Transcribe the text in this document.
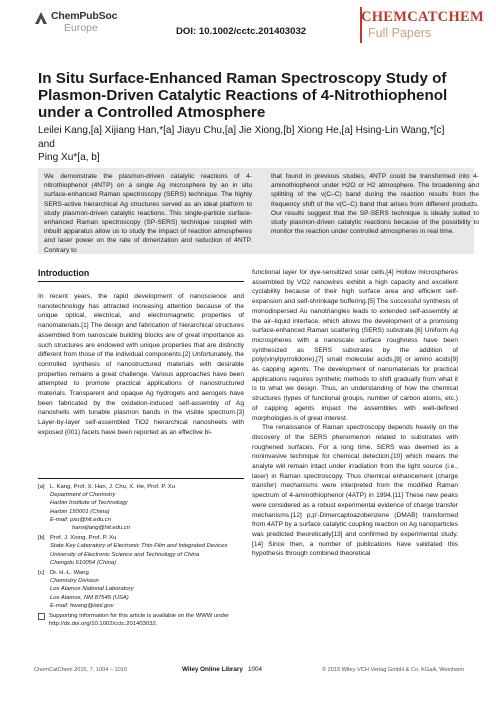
ChemPubSoc
Europe	DOI: 10.1002/cctc.201403032
CHEMCATCHEM
Full Papers
In Situ Surface-Enhanced Raman Spectroscopy Study of Plasmon-Driven Catalytic Reactions of 4-Nitrothiophenol under a Controlled Atmosphere
Leilei Kang,[a] Xijiang Han,*[a] Jiayu Chu,[a] Jie Xiong,[b] Xiong He,[a] Hsing-Lin Wang,*[c] and
Ping Xu*[a, b]
We demonstrate the plasmon-driven catalytic reactions of 4-nitrothiophenol (4NTP) on a single Ag microsphere by an in situ surface-enhanced Raman spectroscopy (SERS) technique. The highly SERS-active hierarchical Ag structures served as an ideal platform to study plasmon-driven catalytic reactions. This single-particle surface-enhanced Raman spectroscopy (SP-SERS) technique coupled with inbuilt apparatus allow us to study the impact of reaction atmospheres and laser power on the rate of dimerization and reduction of 4NTP. Contrary to
that found in previous studies, 4NTP could be transformed into 4-aminothiophenol under H2O or H2 atmosphere. The broadening and splitting of the ν(C–C) band during the reaction results from the frequency shift of the ν(C–C) band that arises from different products. Our results suggest that the SP-SERS technique is ideally suited to study plasmon-driven catalytic reactions because of the possibility to monitor the reaction under controlled atmospheres in real time.
Introduction

In recent years, the rapid development of nanoscience and nanotechnology has attracted increasing attention because of the unique optical, electrical, and electromagnetic properties of nanomaterials.[1] The design and fabrication of hierarchical structures assembled from nanoscale building blocks are of great importance as such structures are endowed with unique properties that are distinctly different from those of the individual components.[2] Unfortunately, the controlled synthesis of nanostructured materials with desirable properties remains a great challenge. Various approaches have been attempted to promote practical applications of nanostructured materials. Transparent and opaque Ag hydrogels and aerogels have been fabricated by the oxidation-induced self-assembly of Ag nanoshells with tunable plasmon bands in the visible spectrum.[3] Layer-by-layer self-assembled TiO2 hierarchical nanosheets with exposed {001} facets have been reported as an effective bi-

functional layer for dye-sensitized solar cells.[4] Hollow microspheres assembled by VO2 nanowires exhibit a high capacity and excellent cyclability because of their high surface area and efficient self-expansion and self-shrinkage buffering.[5] The successful synthesis of monodispersed Au nanotriangles leads to extended self-assembly at the air–liquid interface, which allows the development of a promising surface-enhanced Raman scattering (SERS) substrate.[6] Uniform Ag microspheres with a nanoscale surface roughness have been synthesized as SERS substrates by the addition of poly(vinylpyrrolidone),[7] small molecular acids,[8] or amino acids[9] as capping agents. The development of nanomaterials for practical applications requires synthetic methods to shift gradually from what it is to what we design. Thus, an understanding of how the chemical structures (types of functional groups, number of carbon atoms, etc.) of capping agents impact the assemblies with well-defined morphologies is of great interest.

The renaissance of Raman spectroscopy depends heavily on the discovery of the SERS phenomenon related to substrates with roughened surfaces. For a long time, SERS was deemed as a noninvasive technique for chemical detection,[10] which means the analyte will remain intact under irradiation from the light source (i.e., laser) in Raman spectroscopy. Thus chemical enhancement (charge transfer) mechanisms were interpreted from the modified Raman spectrum of 4-aminothiophenol (4ATP) in 1994.[11] These new peaks were considered as a robust experimental evidence of charge transfer mechanisms.[12] p,p′-Dimercaptoazobenzene (DMAB) transformed from 4ATP by a surface catalytic coupling reaction on Ag nanoparticles was predicted theoretically[13] and confirmed by experimental study.[14] Since then, a number of publications have validated this hypothesis through combined theoretical

[a] L. Kang, Prof. X. Han, J. Chu, X. He, Prof. P. Xu
Department of Chemistry
Harbin Institute of Technology
Harbin 150001 (China)
E-mail: pxu@hit.edu.cn
hanxijiang@hit.edu.cn
[b] Prof. J. Xiong, Prof. P. Xu
State Key Laboratory of Electronic Thin Film and Integrated Devices
University of Electronic Science and Technology of China
Chengdu 610054 (China)
[c] Dr. H.-L. Wang
Chemistry Division
Los Alamos National Laboratory
Los Alamos, NM 87545 (USA)
E-mail: hwang@lanl.gov
Supporting Information for this article is available on the WWW under http://dx.doi.org/10.1002/cctc.201403032.
ChemCatChem 2015, 7, 1004 – 1010	Wiley Online Library 1004	© 2015 Wiley-VCH Verlag GmbH & Co. KGaA, Weinheim
